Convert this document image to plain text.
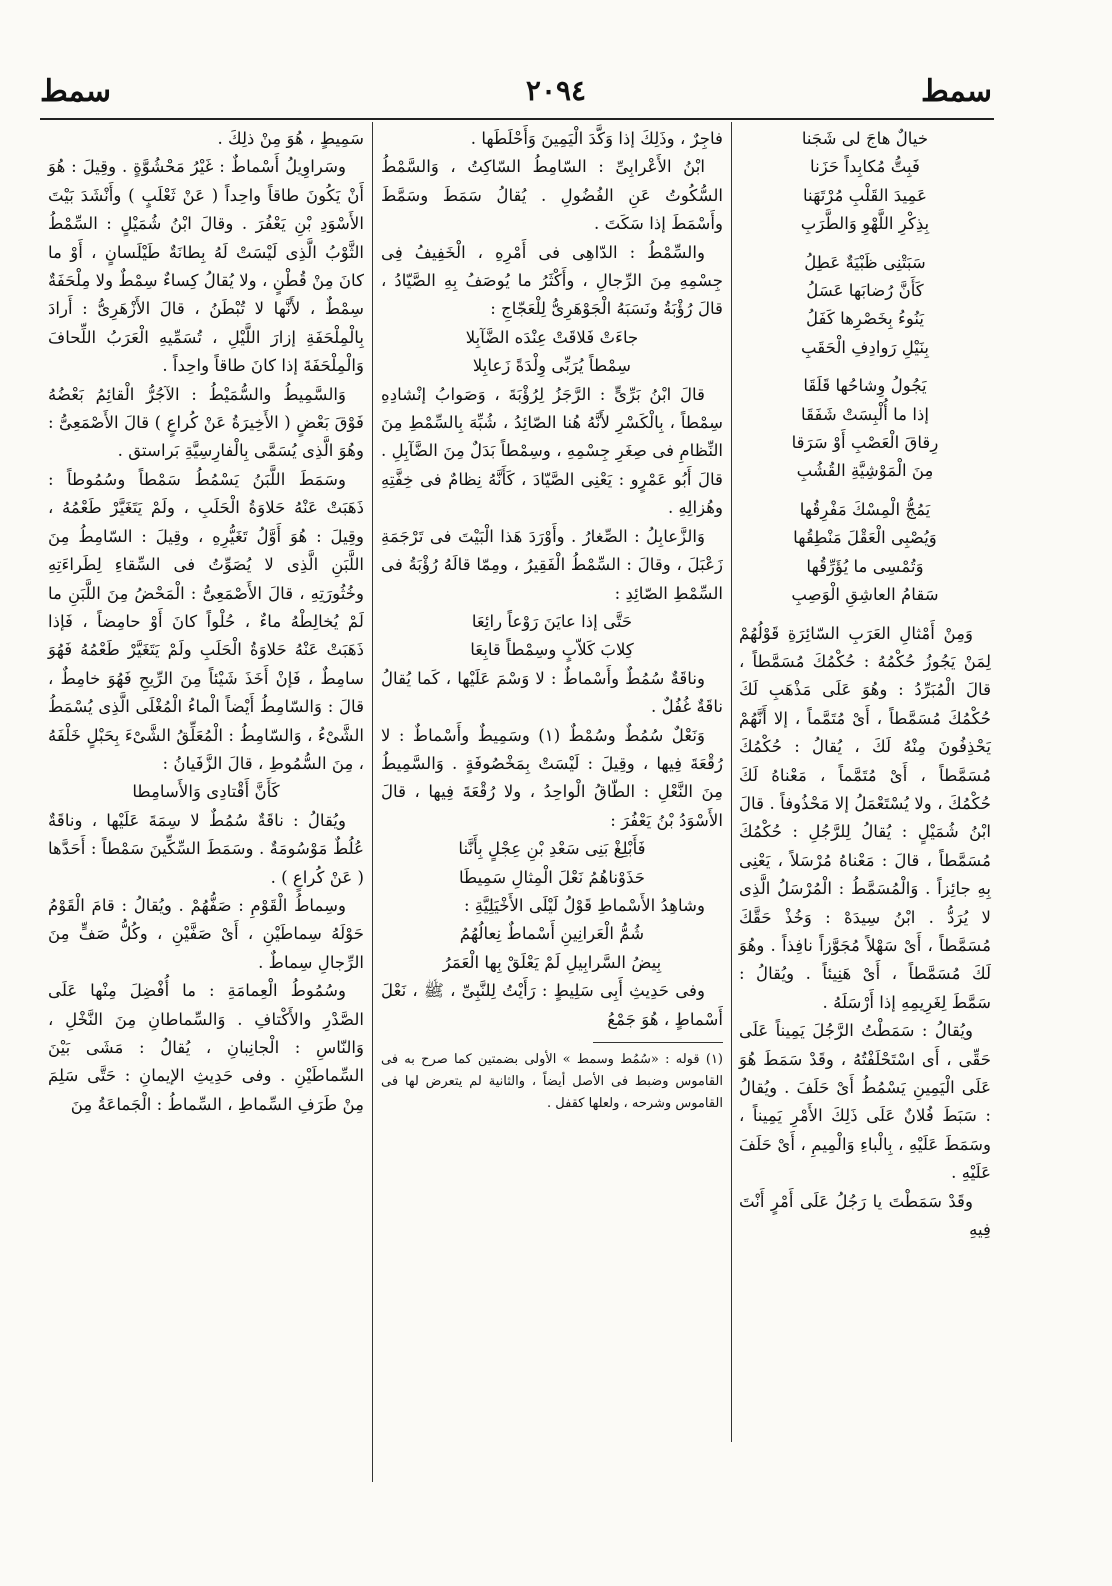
سمط
٢٠٩٤
سمط
خيالٌ هاجَ لى شَجَنا
فَبِتُّ مُكابِداً حَزَنا
عَمِيدَ القَلْبِ مُرْتَهَنا
بِذِكْرِ اللَّهْوِ وَالطَّرَبِ
سَبَتْنِى ظَبْيَةٌ عَطِلُ
كَأَنَّ رُضابَها عَسَلُ
يَنُوءُ بِخَصْرِها كَفَلُ
بِنَيْلِ رَوادِفِ الْحَقَبِ
يَجُولُ وِشاحُها قَلَقَا
إذا ما أُلْبِسَتْ شَفَقَا
رِقاقَ الْعَصْبِ أَوْ سَرَقا
مِنَ الْمَوْشِيَّةِ القُشُبِ
يَمُجُّ الْمِسْكَ مَفْرِقُها
وَيُصْبِى الْعَقْلَ مَنْطِقُها
وَتُمْسِى ما يُؤَرِّقُها
سَقامُ العاشِقِ الْوَصِبِ

وَمِنْ أَمْثالِ العَرَبِ السّائِرَةِ قَوْلُهُمْ لِمَنْ يَجُوزُ حُكْمُهُ : حُكْمُكَ مُسَمَّطاً ، قالَ الْمُبَرِّدُ : وهُوَ عَلَى مَذْهَبِ لَكَ حُكْمُكَ مُسَمَّطاً ، أَىْ مُتَمَّماً ، إلا أَنَّهُمْ يَحْذِفُونَ مِنْهُ لَكَ ، يُقالُ : حُكْمُكَ مُسَمَّطاً ، أَىْ مُتَمَّماً ، مَعْناهُ لَكَ حُكْمُكَ ، ولا يُسْتَعْمَلُ إلا مَحْذُوفاً . قالَ ابْنُ شُمَيْلٍ : يُقالُ لِلرَّجُلِ : حُكْمُكَ مُسَمَّطاً ، قالَ : مَعْناهُ مُرْسَلاً ، يَعْنِى بِهِ جائِزاً . وَالْمُسَمَّطُ : الْمُرْسَلُ الَّذِى لا يُرَدُّ . ابْنُ سِيدَهْ : وَخُذْ حَقَّكَ مُسَمَّطاً ، أَىْ سَهْلاً مُجَوَّزاً نافِذاً . وهُوَ لَكَ مُسَمَّطاً ، أَىْ هَنِيئاً . ويُقالُ : سَمَّطَ لِغَرِيمِهِ إذا أَرْسَلَهُ .

ويُقالُ : سَمَطْتُ الرَّجُلَ يَمِيناً عَلَى حَقِّى ، أَى اسْتَحْلَفْتُهُ ، وقَدْ سَمَطَ هُوَ عَلَى الْيَمِينِ يَسْمُطُ أَىْ حَلَفَ . ويُقالُ : سَبَطَ فُلانٌ عَلَى ذَلِكَ الأَمْرِ يَمِيناً ، وسَمَطَ عَلَيْهِ ، بِالْباءِ وَالْمِيمِ ، أَىْ حَلَفَ عَلَيْهِ .

وقَدْ سَمَطْتَ يا رَجُلُ عَلَى أَمْرٍ أَنْتَ فِيهِ

فاجِرٌ ، وذَلِكَ إذا وَكَّدَ الْيَمِينَ وَأَحْلَطَها .

ابْنُ الأَعْرابِىِّ : السّامِطُ السّاكِتُ ، وَالسَّمْطُ السُّكُوتُ عَنِ الفُضُولِ . يُقالُ سَمَطَ وسَمَّطَ وأَسْمَطَ إذا سَكَتَ .

والسِّمْطُ : الدّاهِى فى أَمْرِهِ ، الْخَفِيفُ فِى جِسْمِهِ مِنَ الرِّجالِ ، وأَكْثَرُ ما يُوصَفُ بِهِ الصَّيّادُ ، قالَ رُؤْبَةُ ونَسَبَهُ الْجَوْهَرِىُّ لِلْعَجّاجِ :

جاءَتْ فَلاقَتْ عِنْدَه الضَّآبِلا
سِمْطاً يُرَبِّى وِلْدَةً زَعابِلا

قالَ ابْنُ بَرِّىٍّ : الرَّجَزُ لِرُؤْبَةَ ، وَصَوابُ إنْشادِهِ سِمْطاً ، بِالْكَسْرِ لأَنَّهُ هُنا الصّائِدُ ، شُبِّهَ بِالسِّمْطِ مِنَ النِّظامِ فى صِغَرِ جِسْمِهِ ، وسِمْطاً بَدَلٌ مِنَ الضَّآبِلِ . قالَ أَبُو عَمْرٍو : يَعْنِى الصَّيّادَ ، كَأَنَّهُ نِظامٌ فى خِفَّتِهِ وهُزالِهِ .

وَالزَّعابِلُ : الصِّغارُ . وأَوْرَدَ هَذا الْبَيْتَ فى تَرْجَمَةِ زَعْبَلَ ، وقالَ : السِّمْطُ الْفَقِيرُ ، ومِمّا قالَهُ رُؤْبَةُ فى السِّمْطِ الصّائِدِ :

حَتَّى إذا عايَنَ رَوْعاً رائِعَا
كِلابَ كَلاّبٍ وسِمْطاً قابِعَا

وناقَةٌ سُمُطٌ وأَسْماطٌ : لا وَسْمَ عَلَيْها ، كَما يُقالُ ناقَةٌ غُفُلٌ .

وَنَعْلٌ سُمُطٌ وسُمْطٌ (١) وسَمِيطٌ وأَسْماطٌ : لا رُقْعَةَ فِيها ، وقِيلَ : لَيْسَتْ بِمَخْصُوفَةٍ . وَالسَّمِيطُ مِنَ النَّعْلِ : الطّاقُ الْواحِدُ ، ولا رُقْعَةَ فِيها ، قالَ الأَسْوَدُ بْنُ يَعْفُرَ :

فَأَبْلِغْ بَنِى سَعْدِ بْنِ عِجْلٍ بِأَنَّنا
حَذَوْناهُمُ نَعْلَ الْمِثالِ سَمِيطَا

وشاهِدُ الأَسْماطِ قَوْلُ لَيْلَى الأَخْيَلِيَّةِ :

شُمُّ الْعَرانِينِ أَسْماطٌ نِعالُهُمُ
بِيضُ السَّرابِيلِ لَمْ يَعْلَقْ بِها الْعَمَرُ

وفى حَدِيثِ أَبِى سَلِيطٍ : رَأَيْتُ لِلنَّبِىِّ ، ﷺ ، نَعْلَ أَسْماطٍ ، هُوَ جَمْعُ

(١) قوله : «سُمُط وسمط » الأولى بضمتين كما صرح به فى القاموس وضبط فى الأصل أيضاً ، والثانية لم يتعرض لها فى القاموس وشرحه ، ولعلها كقفل .

سَمِيطٍ ، هُوَ مِنْ ذلِكَ .

وسَراوِيلُ أَسْماطٌ : غَيْرُ مَحْشُوَّةٍ . وقِيلَ : هُوَ أَنْ يَكُونَ طاقاً واحِداً ( عَنْ ثَعْلَبٍ ) وأَنْشَدَ بَيْتَ الأَسْوَدِ بْنِ يَعْفُرَ . وقالَ ابْنُ شُمَيْلٍ : السِّمْطُ الثَّوْبُ الَّذِى لَيْسَتْ لَهُ بِطانَةٌ طَيْلَسانٍ ، أَوْ ما كانَ مِنْ قُطْنٍ ، ولا يُقالُ كِساءٌ سِمْطٌ ولا مِلْحَفَةٌ سِمْطٌ ، لأَنَّها لا تُبْطَنُ ، قالَ الأَزْهَرِىُّ : أَرادَ بِالْمِلْحَفَةِ إزارَ اللَّيْلِ ، تُسَمِّيهِ الْعَرَبُ اللِّحافَ وَالْمِلْحَفَةَ إذا كانَ طاقاً واحِداً .

وَالسَّمِيطُ والسُّمَيْطُ : الآجُرُّ الْقائِمُ بَعْضُهُ فَوْقَ بَعْضٍ ( الأَخِيرَةُ عَنْ كُراعٍ ) قالَ الأَصْمَعِىُّ : وهُوَ الَّذِى يُسَمَّى بِالْفارِسِيَّةِ بَراستق .

وسَمَطَ اللَّبَنُ يَسْمُطُ سَمْطاً وسُمُوطاً : ذَهَبَتْ عَنْهُ حَلاوَةُ الْحَلَبِ ، ولَمْ يَتَغَيَّرْ طَعْمُهُ ، وقِيلَ : هُوَ أَوَّلُ تَغَيُّرِهِ ، وقِيلَ : السّامِطُ مِنَ اللَّبَنِ الَّذِى لا يُصَوِّتُ فى السِّقاءِ لِطَراءَتِهِ وخُثُورَتِهِ ، قالَ الأَصْمَعِىُّ : الْمَحْضُ مِنَ اللَّبَنِ ما لَمْ يُخالِطْهُ ماءٌ ، حُلْواً كانَ أَوْ حامِضاً ، فَإذا ذَهَبَتْ عَنْهُ حَلاوَةُ الْحَلَبِ ولَمْ يَتَغَيَّرْ طَعْمُهُ فَهُوَ سامِطٌ ، فَإنْ أَخَذَ شَيْئاً مِنَ الرِّيحِ فَهُوَ خامِطٌ ، قالَ : وَالسّامِطُ أَيْضاً الْماءُ الْمُغْلَى الَّذِى يُسْمَطُ الشَّىْءُ ، وَالسّامِطُ : الْمُعَلِّقُ الشَّىْءَ بِحَبْلٍ خَلْفَهُ ، مِنَ السُّمُوطِ ، قالَ الزَّفَيانُ :

كَأَنَّ أَقْتادِى وَالأَسامِطا

ويُقالُ : ناقَةٌ سُمُطٌ لا سِمَةَ عَلَيْها ، وناقَةٌ عُلُطٌ مَوْسُومَةٌ . وسَمَطَ السِّكِّينَ سَمْطاً : أَحَدَّها ( عَنْ كُراعٍ ) .

وسِماطُ الْقَوْمِ : صَفُّهُمْ . ويُقالُ : قامَ الْقَوْمُ حَوْلَهُ سِماطَيْنِ ، أَىْ صَفَّيْنِ ، وكُلُّ صَفٍّ مِنَ الرِّجالِ سِماطٌ .

وسُمُوطُ الْعِمامَةِ : ما أُفْضِلَ مِنْها عَلَى الصَّدْرِ والأَكْتافِ . وَالسِّماطانِ مِنَ النَّخْلِ ، وَالنّاسِ : الْجانِبانِ ، يُقالُ : مَشَى بَيْنَ السِّماطَيْنِ . وفى حَدِيثِ الإيمانِ : حَتَّى سَلِمَ مِنْ طَرَفِ السِّماطِ ، السِّماطُ : الْجَماعَةُ مِنَ
